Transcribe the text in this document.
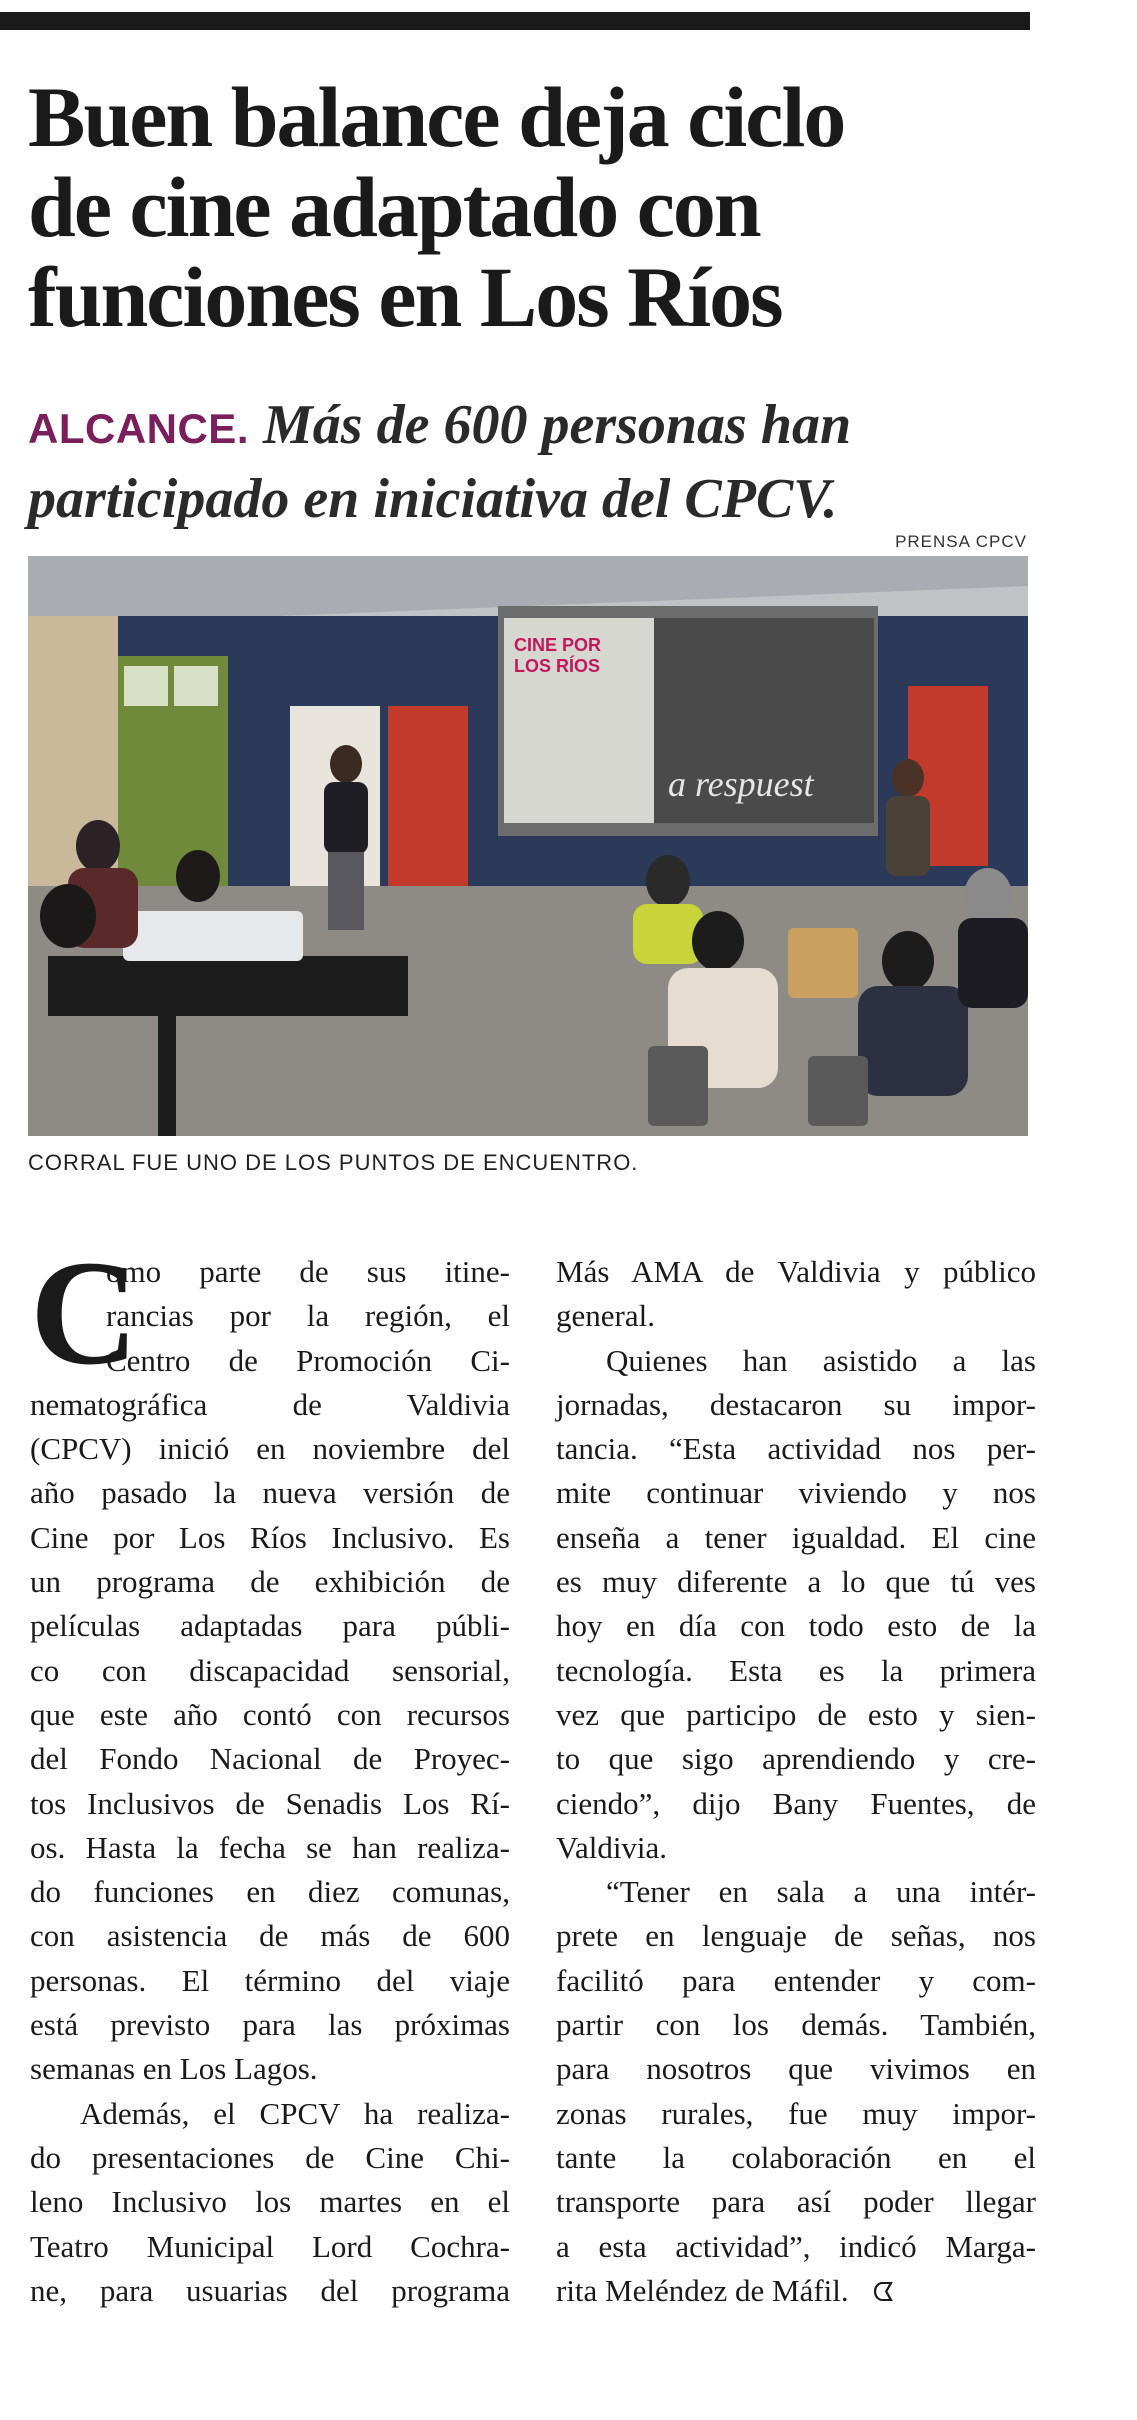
Buen balance deja ciclo
de cine adaptado con
funciones en Los Ríos
ALCANCE. Más de 600 personas han
participado en iniciativa del CPCV.
PRENSA CPCV
CINE POR
LOS RÍOS
a respuest
CORRAL FUE UNO DE LOS PUNTOS DE ENCUENTRO.
C
omo parte de sus itine-
rancias por la región, el
Centro de Promoción Ci-
nematográfica de Valdivia
(CPCV) inició en noviembre del
año pasado la nueva versión de
Cine por Los Ríos Inclusivo. Es
un programa de exhibición de
películas adaptadas para públi-
co con discapacidad sensorial,
que este año contó con recursos
del Fondo Nacional de Proyec-
tos Inclusivos de Senadis Los Rí-
os. Hasta la fecha se han realiza-
do funciones en diez comunas,
con asistencia de más de 600
personas. El término del viaje
está previsto para las próximas
semanas en Los Lagos.
Además, el CPCV ha realiza-
do presentaciones de Cine Chi-
leno Inclusivo los martes en el
Teatro Municipal Lord Cochra-
ne, para usuarias del programa
Más AMA de Valdivia y público
general.
Quienes han asistido a las
jornadas, destacaron su impor-
tancia. “Esta actividad nos per-
mite continuar viviendo y nos
enseña a tener igualdad. El cine
es muy diferente a lo que tú ves
hoy en día con todo esto de la
tecnología. Esta es la primera
vez que participo de esto y sien-
to que sigo aprendiendo y cre-
ciendo”, dijo Bany Fuentes, de
Valdivia.
“Tener en sala a una intér-
prete en lenguaje de señas, nos
facilitó para entender y com-
partir con los demás. También,
para nosotros que vivimos en
zonas rurales, fue muy impor-
tante la colaboración en el
transporte para así poder llegar
a esta actividad”, indicó Marga-
rita Meléndez de Máfil. ᗧ
